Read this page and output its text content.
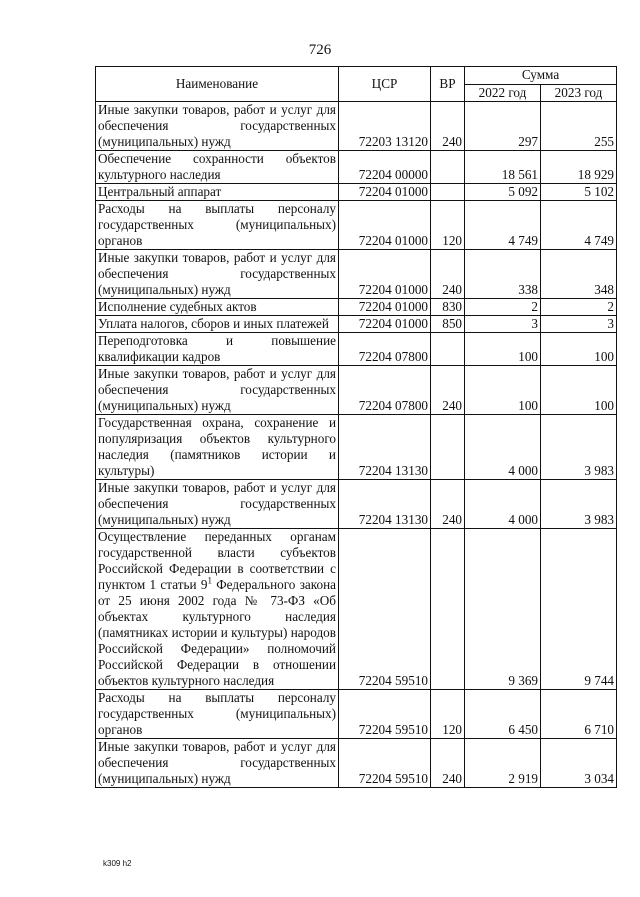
726
Наименование	ЦСР	ВР	Сумма	
			2022 год	2023 год
Иные закупки товаров, работ и услуг для обеспечения государственных (муниципальных) нужд	72203 13120	240	297	255
Обеспечение сохранности объектов культурного наследия	72204 00000		18 561	18 929
Центральный аппарат	72204 01000		5 092	5 102
Расходы на выплаты персоналу государственных (муниципальных) органов	72204 01000	120	4 749	4 749
Иные закупки товаров, работ и услуг для обеспечения государственных (муниципальных) нужд	72204 01000	240	338	348
Исполнение судебных актов	72204 01000	830	2	2
Уплата налогов, сборов и иных платежей	72204 01000	850	3	3
Переподготовка и повышение квалификации кадров	72204 07800		100	100
Иные закупки товаров, работ и услуг для обеспечения государственных (муниципальных) нужд	72204 07800	240	100	100
Государственная охрана, сохранение и популяризация объектов культурного наследия (памятников истории и культуры)	72204 13130		4 000	3 983
Иные закупки товаров, работ и услуг для обеспечения государственных (муниципальных) нужд	72204 13130	240	4 000	3 983
Осуществление переданных органам государственной власти субъектов Российской Федерации в соответствии с пунктом 1 статьи $9^1$ Федерального закона от 25 июня 2002 года № 73-ФЗ «Об объектах культурного наследия (памятниках истории и культуры) народов Российской Федерации» полномочий Российской Федерации в отношении объектов культурного наследия	72204 59510		9 369	9 744
Расходы на выплаты персоналу государственных (муниципальных) органов	72204 59510	120	6 450	6 710
Иные закупки товаров, работ и услуг для обеспечения государственных (муниципальных) нужд	72204 59510	240	2 919	3 034
k309 h2
